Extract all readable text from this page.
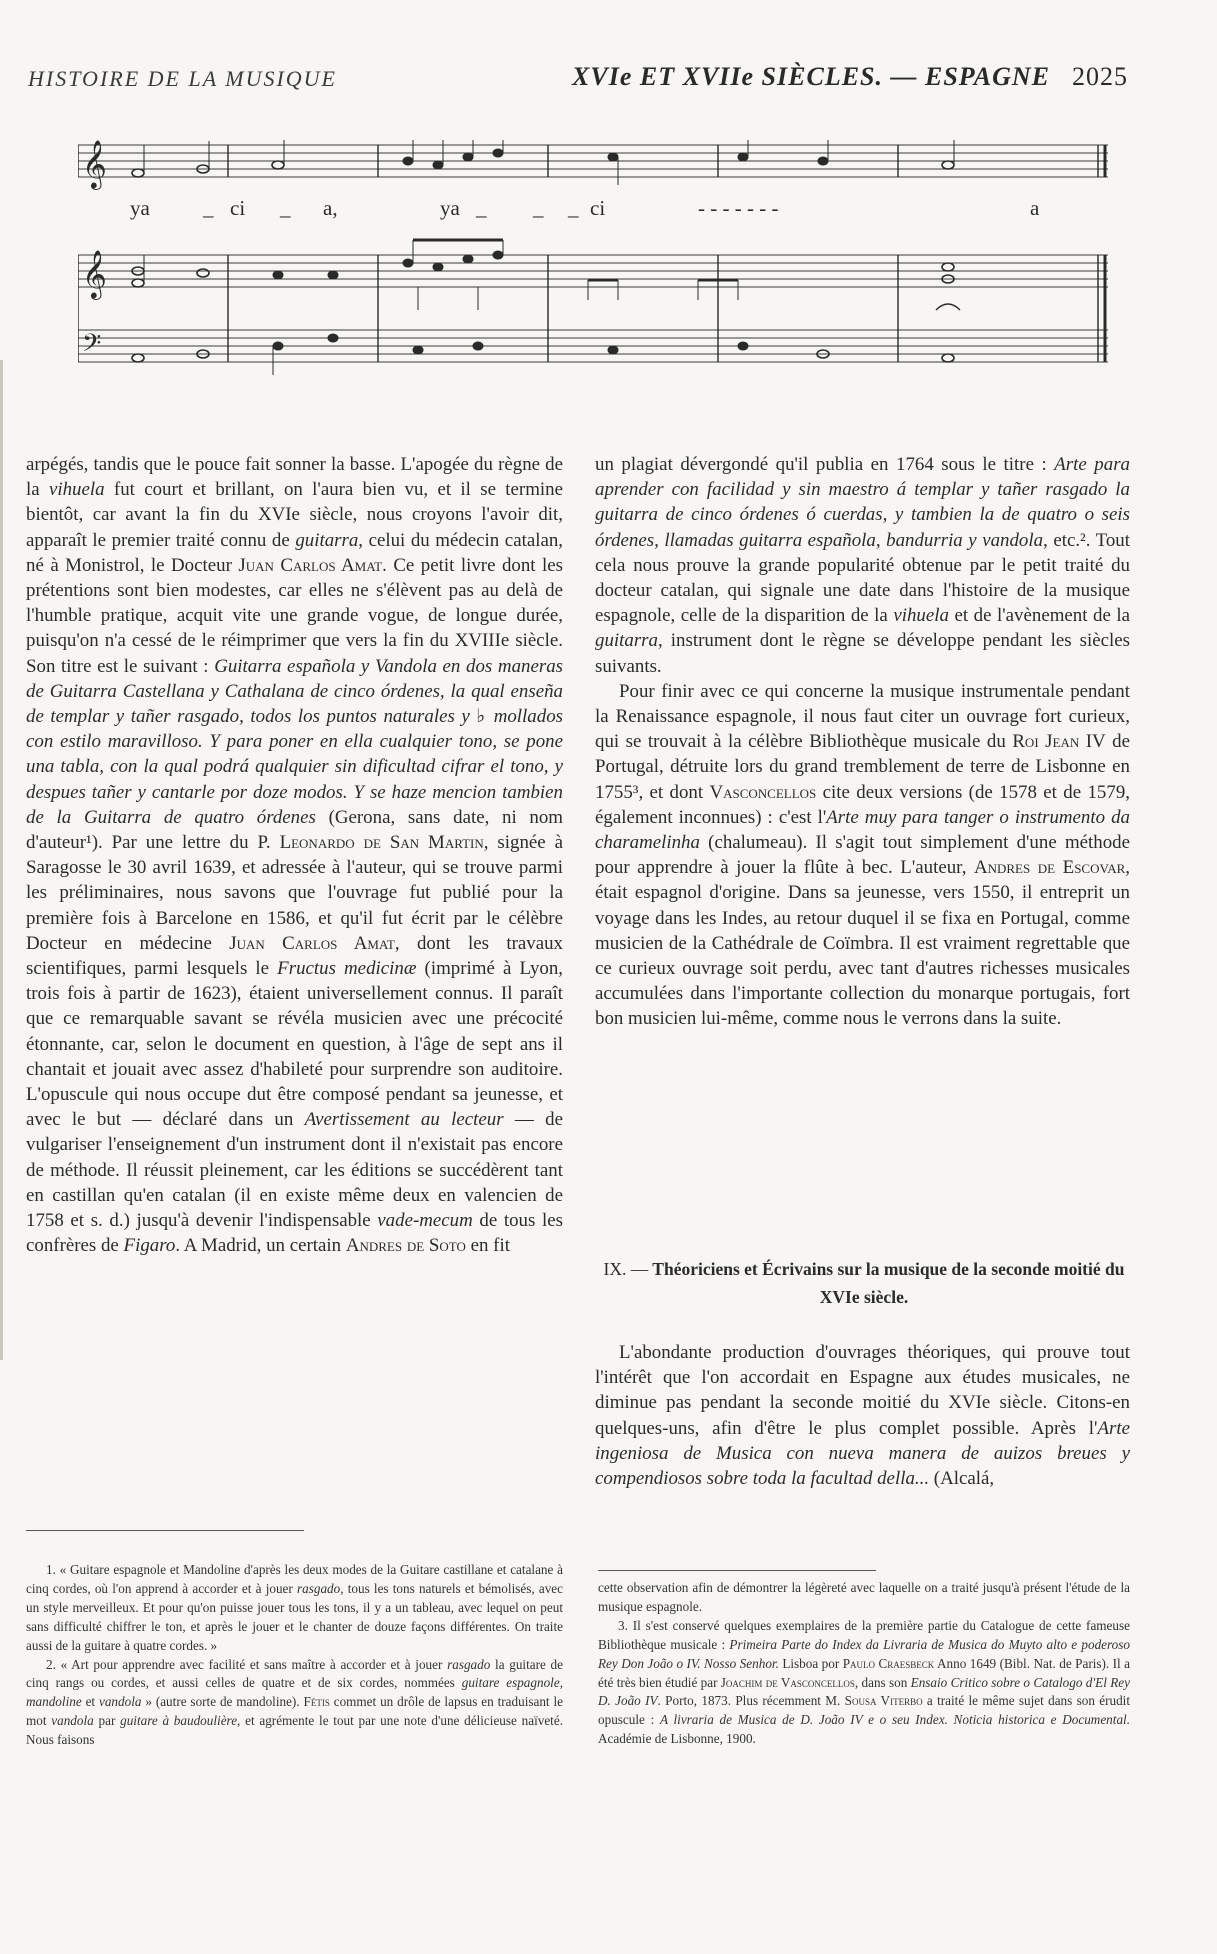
HISTOIRE DE LA MUSIQUE	XVIe ET XVIIe SIÈCLES. — ESPAGNE 2025
𝄞
𝄞
𝄢
ya	_ ci _ a,	ya _ _ _ ci	- - - - - - -	a

arpégés, tandis que le pouce fait sonner la basse. L'apogée du règne de la vihuela fut court et brillant, on l'aura bien vu, et il se termine bientôt, car avant la fin du XVIe siècle, nous croyons l'avoir dit, apparaît le premier traité connu de guitarra, celui du médecin catalan, né à Monistrol, le Docteur Juan Carlos Amat. Ce petit livre dont les prétentions sont bien modestes, car elles ne s'élèvent pas au delà de l'humble pratique, acquit vite une grande vogue, de longue durée, puisqu'on n'a cessé de le réimprimer que vers la fin du XVIIIe siècle. Son titre est le suivant : Guitarra española y Vandola en dos maneras de Guitarra Castellana y Cathalana de cinco órdenes, la qual enseña de templar y tañer rasgado, todos los puntos naturales y ♭ mollados con estilo maravilloso. Y para poner en ella cualquier tono, se pone una tabla, con la qual podrá qualquier sin dificultad cifrar el tono, y despues tañer y cantarle por doze modos. Y se haze mencion tambien de la Guitarra de quatro órdenes (Gerona, sans date, ni nom d'auteur¹). Par une lettre du P. Leonardo de San Martin, signée à Saragosse le 30 avril 1639, et adressée à l'auteur, qui se trouve parmi les préliminaires, nous savons que l'ouvrage fut publié pour la première fois à Barcelone en 1586, et qu'il fut écrit par le célèbre Docteur en médecine Juan Carlos Amat, dont les travaux scientifiques, parmi lesquels le Fructus medicinæ (imprimé à Lyon, trois fois à partir de 1623), étaient universellement connus. Il paraît que ce remarquable savant se révéla musicien avec une précocité étonnante, car, selon le document en question, à l'âge de sept ans il chantait et jouait avec assez d'habileté pour surprendre son auditoire. L'opuscule qui nous occupe dut être composé pendant sa jeunesse, et avec le but — déclaré dans un Avertissement au lecteur — de vulgariser l'enseignement d'un instrument dont il n'existait pas encore de méthode. Il réussit pleinement, car les éditions se succédèrent tant en castillan qu'en catalan (il en existe même deux en valencien de 1758 et s. d.) jusqu'à devenir l'indispensable vade-mecum de tous les confrères de Figaro. A Madrid, un certain Andres de Soto en fit

un plagiat dévergondé qu'il publia en 1764 sous le titre : Arte para aprender con facilidad y sin maestro á templar y tañer rasgado la guitarra de cinco órdenes ó cuerdas, y tambien la de quatro o seis órdenes, llamadas guitarra española, bandurria y vandola, etc.². Tout cela nous prouve la grande popularité obtenue par le petit traité du docteur catalan, qui signale une date dans l'histoire de la musique espagnole, celle de la disparition de la vihuela et de l'avènement de la guitarra, instrument dont le règne se développe pendant les siècles suivants.

Pour finir avec ce qui concerne la musique instrumentale pendant la Renaissance espagnole, il nous faut citer un ouvrage fort curieux, qui se trouvait à la célèbre Bibliothèque musicale du Roi Jean IV de Portugal, détruite lors du grand tremblement de terre de Lisbonne en 1755³, et dont Vasconcellos cite deux versions (de 1578 et de 1579, également inconnues) : c'est l'Arte muy para tanger o instrumento da charamelinha (chalumeau). Il s'agit tout simplement d'une méthode pour apprendre à jouer la flûte à bec. L'auteur, Andres de Escovar, était espagnol d'origine. Dans sa jeunesse, vers 1550, il entreprit un voyage dans les Indes, au retour duquel il se fixa en Portugal, comme musicien de la Cathédrale de Coïmbra. Il est vraiment regrettable que ce curieux ouvrage soit perdu, avec tant d'autres richesses musicales accumulées dans l'importante collection du monarque portugais, fort bon musicien lui-même, comme nous le verrons dans la suite.

IX. — Théoriciens et Écrivains sur la musique de la seconde moitié du XVIe siècle.

L'abondante production d'ouvrages théoriques, qui prouve tout l'intérêt que l'on accordait en Espagne aux études musicales, ne diminue pas pendant la seconde moitié du XVIe siècle. Citons-en quelques-uns, afin d'être le plus complet possible. Après l'Arte ingeniosa de Musica con nueva manera de auizos breues y compendiosos sobre toda la facultad della... (Alcalá,

1. « Guitare espagnole et Mandoline d'après les deux modes de la Guitare castillane et catalane à cinq cordes, où l'on apprend à accorder et à jouer rasgado, tous les tons naturels et bémolisés, avec un style merveilleux. Et pour qu'on puisse jouer tous les tons, il y a un tableau, avec lequel on peut sans difficulté chiffrer le ton, et après le jouer et le chanter de douze façons différentes. On traite aussi de la guitare à quatre cordes. »

2. « Art pour apprendre avec facilité et sans maître à accorder et à jouer rasgado la guitare de cinq rangs ou cordes, et aussi celles de quatre et de six cordes, nommées guitare espagnole, mandoline et vandola » (autre sorte de mandoline). Fétis commet un drôle de lapsus en traduisant le mot vandola par guitare à baudoulière, et agrémente le tout par une note d'une délicieuse naïveté. Nous faisons

cette observation afin de démontrer la légèreté avec laquelle on a traité jusqu'à présent l'étude de la musique espagnole.

3. Il s'est conservé quelques exemplaires de la première partie du Catalogue de cette fameuse Bibliothèque musicale : Primeira Parte do Index da Livraria de Musica do Muyto alto e poderoso Rey Don João o IV. Nosso Senhor. Lisboa por Paulo Craesbeck Anno 1649 (Bibl. Nat. de Paris). Il a été très bien étudié par Joachim de Vasconcellos, dans son Ensaio Critico sobre o Catalogo d'El Rey D. João IV. Porto, 1873. Plus récemment M. Sousa Viterbo a traité le même sujet dans son érudit opuscule : A livraria de Musica de D. João IV e o seu Index. Noticia historica e Documental. Académie de Lisbonne, 1900.
